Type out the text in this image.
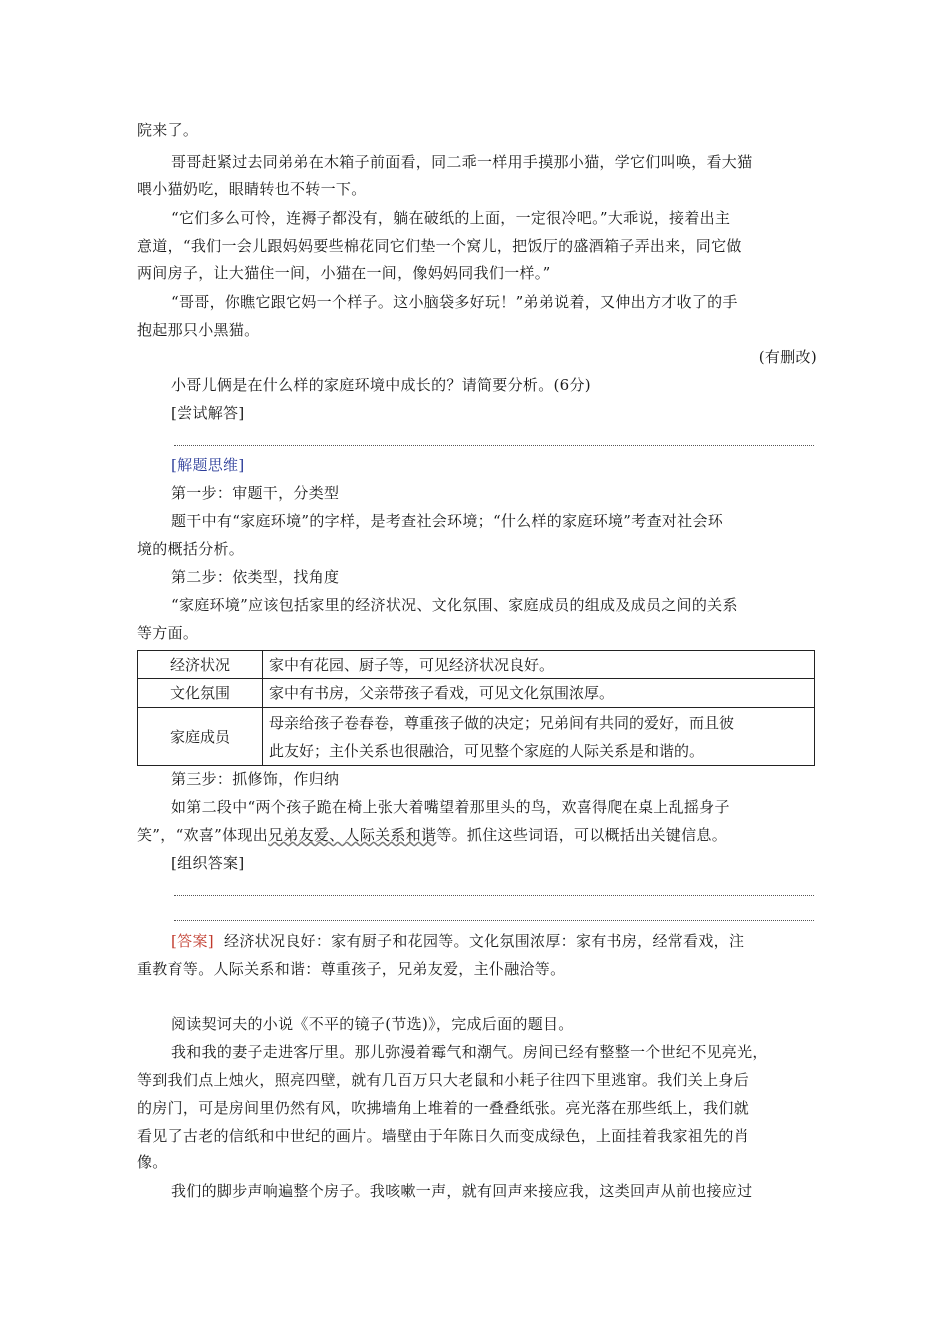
院来了。
哥哥赶紧过去同弟弟在木箱子前面看，同二乖一样用手摸那小猫，学它们叫唤，看大猫
喂小猫奶吃，眼睛转也不转一下。
“它们多么可怜，连褥子都没有，躺在破纸的上面，一定很冷吧。”大乖说，接着出主
意道，“我们一会儿跟妈妈要些棉花同它们垫一个窝儿，把饭厅的盛酒箱子弄出来，同它做
两间房子，让大猫住一间，小猫在一间，像妈妈同我们一样。”
“哥哥，你瞧它跟它妈一个样子。这小脑袋多好玩！”弟弟说着，又伸出方才收了的手
抱起那只小黑猫。
(有删改)
小哥儿俩是在什么样的家庭环境中成长的？请简要分析。(6分)
[尝试解答]
[解题思维]
第一步：审题干，分类型
题干中有“家庭环境”的字样，是考查社会环境；“什么样的家庭环境”考查对社会环
境的概括分析。
第二步：依类型，找角度
“家庭环境”应该包括家里的经济状况、文化氛围、家庭成员的组成及成员之间的关系
等方面。
经济状况	家中有花园、厨子等，可见经济状况良好。
文化氛围	家中有书房，父亲带孩子看戏，可见文化氛围浓厚。
家庭成员	母亲给孩子卷春卷，尊重孩子做的决定；兄弟间有共同的爱好，而且彼
此友好；主仆关系也很融洽，可见整个家庭的人际关系是和谐的。
第三步：抓修饰，作归纳
如第二段中“两个孩子跪在椅上张大着嘴望着那里头的鸟，欢喜得爬在桌上乱摇身子
笑”，“欢喜”体现出兄弟友爱、人际关系和谐等。抓住这些词语，可以概括出关键信息。
[组织答案]
[答案] 经济状况良好：家有厨子和花园等。文化氛围浓厚：家有书房，经常看戏，注
重教育等。人际关系和谐：尊重孩子，兄弟友爱，主仆融洽等。
阅读契诃夫的小说《不平的镜子(节选)》，完成后面的题目。
我和我的妻子走进客厅里。那儿弥漫着霉气和潮气。房间已经有整整一个世纪不见亮光，
等到我们点上烛火，照亮四壁，就有几百万只大老鼠和小耗子往四下里逃窜。我们关上身后
的房门，可是房间里仍然有风，吹拂墙角上堆着的一叠叠纸张。亮光落在那些纸上，我们就
看见了古老的信纸和中世纪的画片。墙壁由于年陈日久而变成绿色，上面挂着我家祖先的肖
像。
我们的脚步声响遍整个房子。我咳嗽一声，就有回声来接应我，这类回声从前也接应过
